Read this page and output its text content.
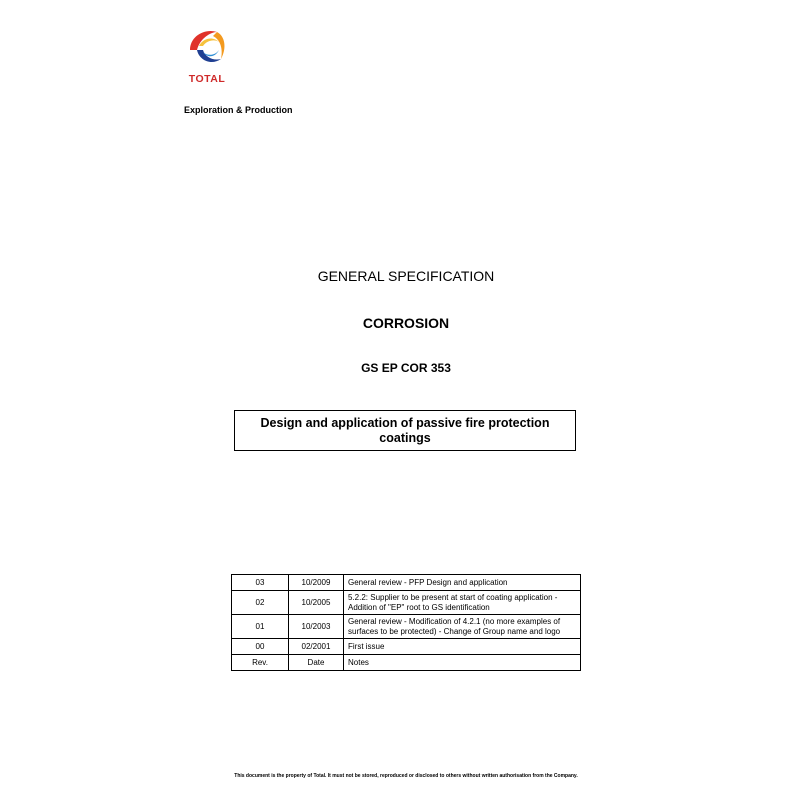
TOTAL
Exploration & Production
GENERAL SPECIFICATION
CORROSION
GS EP COR 353
Design and application of passive fire protection coatings
03	10/2009	General review - PFP Design and application
02	10/2005	5.2.2: Supplier to be present at start of coating application - Addition of "EP" root to GS identification
01	10/2003	General review - Modification of 4.2.1 (no more examples of surfaces to be protected) - Change of Group name and logo
00	02/2001	First issue
Rev.	Date	Notes
This document is the property of Total. It must not be stored, reproduced or disclosed to others without written authorisation from the Company.
